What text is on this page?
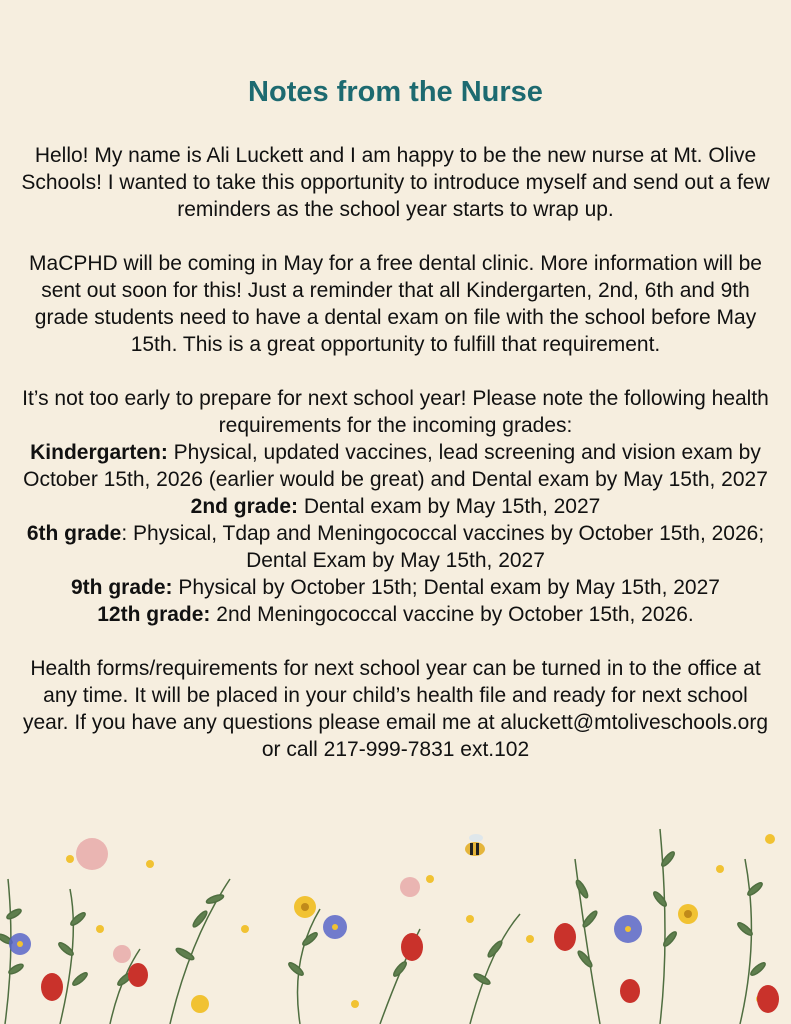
Notes from the Nurse

Hello! My name is Ali Luckett and I am happy to be the new nurse at Mt. Olive Schools! I wanted to take this opportunity to introduce myself and send out a few reminders as the school year starts to wrap up.

MaCPHD will be coming in May for a free dental clinic. More information will be sent out soon for this! Just a reminder that all Kindergarten, 2nd, 6th and 9th grade students need to have a dental exam on file with the school before May 15th. This is a great opportunity to fulfill that requirement.

It’s not too early to prepare for next school year! Please note the following health requirements for the incoming grades:

Kindergarten: Physical, updated vaccines, lead screening and vision exam by October 15th, 2026 (earlier would be great) and Dental exam by May 15th, 2027

2nd grade: Dental exam by May 15th, 2027

6th grade: Physical, Tdap and Meningococcal vaccines by October 15th, 2026; Dental Exam by May 15th, 2027

9th grade: Physical by October 15th; Dental exam by May 15th, 2027

12th grade: 2nd Meningococcal vaccine by October 15th, 2026.

Health forms/requirements for next school year can be turned in to the office at any time. It will be placed in your child’s health file and ready for next school year. If you have any questions please email me at aluckett@mtoliveschools.org or call 217-999-7831 ext.102
